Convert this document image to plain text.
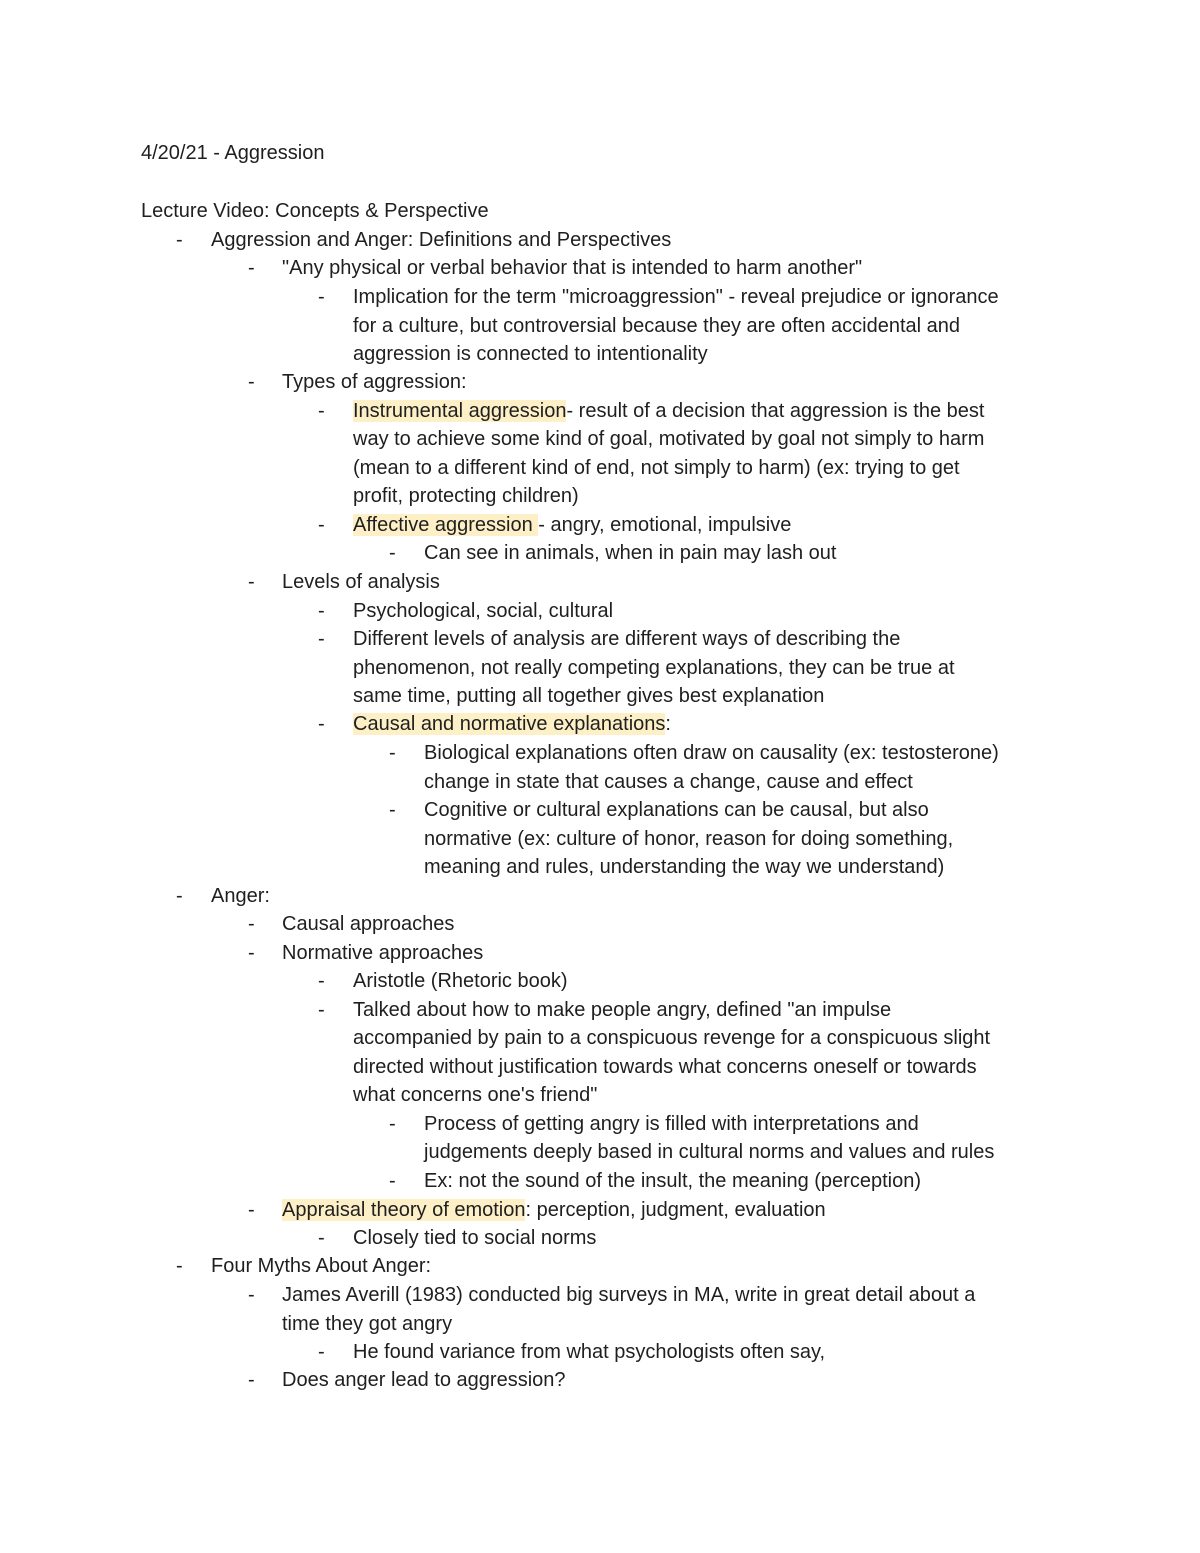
4/20/21 - Aggression
Lecture Video: Concepts & Perspective
- Aggression and Anger: Definitions and Perspectives
- "Any physical or verbal behavior that is intended to harm another"
- Implication for the term "microaggression" - reveal prejudice or ignorance
for a culture, but controversial because they are often accidental and
aggression is connected to intentionality
- Types of aggression:
- Instrumental aggression- result of a decision that aggression is the best
way to achieve some kind of goal, motivated by goal not simply to harm
(mean to a different kind of end, not simply to harm) (ex: trying to get
profit, protecting children)
- Affective aggression - angry, emotional, impulsive
- Can see in animals, when in pain may lash out
- Levels of analysis
- Psychological, social, cultural
- Different levels of analysis are different ways of describing the
phenomenon, not really competing explanations, they can be true at
same time, putting all together gives best explanation
- Causal and normative explanations:
- Biological explanations often draw on causality (ex: testosterone)
change in state that causes a change, cause and effect
- Cognitive or cultural explanations can be causal, but also
normative (ex: culture of honor, reason for doing something,
meaning and rules, understanding the way we understand)
- Anger:
- Causal approaches
- Normative approaches
- Aristotle (Rhetoric book)
- Talked about how to make people angry, defined "an impulse
accompanied by pain to a conspicuous revenge for a conspicuous slight
directed without justification towards what concerns oneself or towards
what concerns one's friend"
- Process of getting angry is filled with interpretations and
judgements deeply based in cultural norms and values and rules
- Ex: not the sound of the insult, the meaning (perception)
- Appraisal theory of emotion: perception, judgment, evaluation
- Closely tied to social norms
- Four Myths About Anger:
- James Averill (1983) conducted big surveys in MA, write in great detail about a
time they got angry
- He found variance from what psychologists often say,
- Does anger lead to aggression?
